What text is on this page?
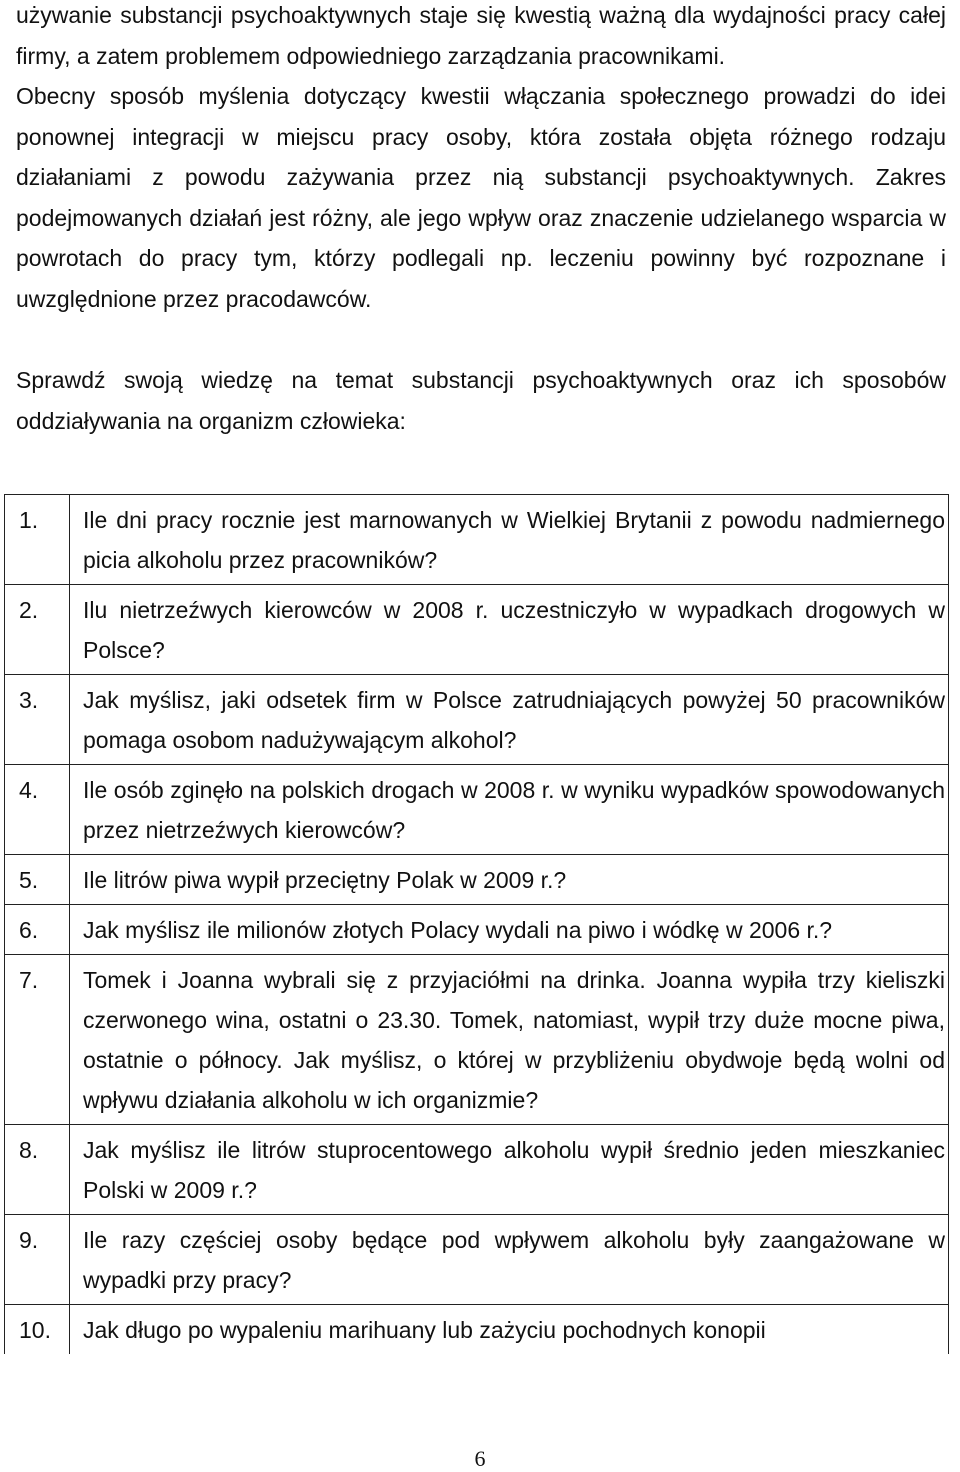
używanie substancji psychoaktywnych staje się kwestią ważną dla wydajności pracy całej firmy, a zatem problemem odpowiedniego zarządzania pracownikami.

Obecny sposób myślenia dotyczący kwestii włączania społecznego prowadzi do idei ponownej integracji w miejscu pracy osoby, która została objęta różnego rodzaju działaniami z powodu zażywania przez nią substancji psychoaktywnych. Zakres podejmowanych działań jest różny, ale jego wpływ oraz znaczenie udzielanego wsparcia w powrotach do pracy tym, którzy podlegali np. leczeniu powinny być rozpoznane i uwzględnione przez pracodawców.

Sprawdź swoją wiedzę na temat substancji psychoaktywnych oraz ich sposobów oddziaływania na organizm człowieka:

1.	Ile dni pracy rocznie jest marnowanych w Wielkiej Brytanii z powodu nadmiernego picia alkoholu przez pracowników?
2.	Ilu nietrzeźwych kierowców w 2008 r. uczestniczyło w wypadkach drogowych w Polsce?
3.	Jak myślisz, jaki odsetek firm w Polsce zatrudniających powyżej 50 pracowników pomaga osobom nadużywającym alkohol?
4.	Ile osób zginęło na polskich drogach w 2008 r. w wyniku wypadków spowodowanych przez nietrzeźwych kierowców?
5.	Ile litrów piwa wypił przeciętny Polak w 2009 r.?
6.	Jak myślisz ile milionów złotych Polacy wydali na piwo i wódkę w 2006 r.?
7.	Tomek i Joanna wybrali się z przyjaciółmi na drinka. Joanna wypiła trzy kieliszki czerwonego wina, ostatni o 23.30. Tomek, natomiast, wypił trzy duże mocne piwa, ostatnie o północy. Jak myślisz, o której w przybliżeniu obydwoje będą wolni od wpływu działania alkoholu w ich organizmie?
8.	Jak myślisz ile litrów stuprocentowego alkoholu wypił średnio jeden mieszkaniec Polski w 2009 r.?
9.	Ile razy częściej osoby będące pod wpływem alkoholu były zaangażowane w wypadki przy pracy?
10.	Jak długo po wypaleniu marihuany lub zażyciu pochodnych konopii
6
